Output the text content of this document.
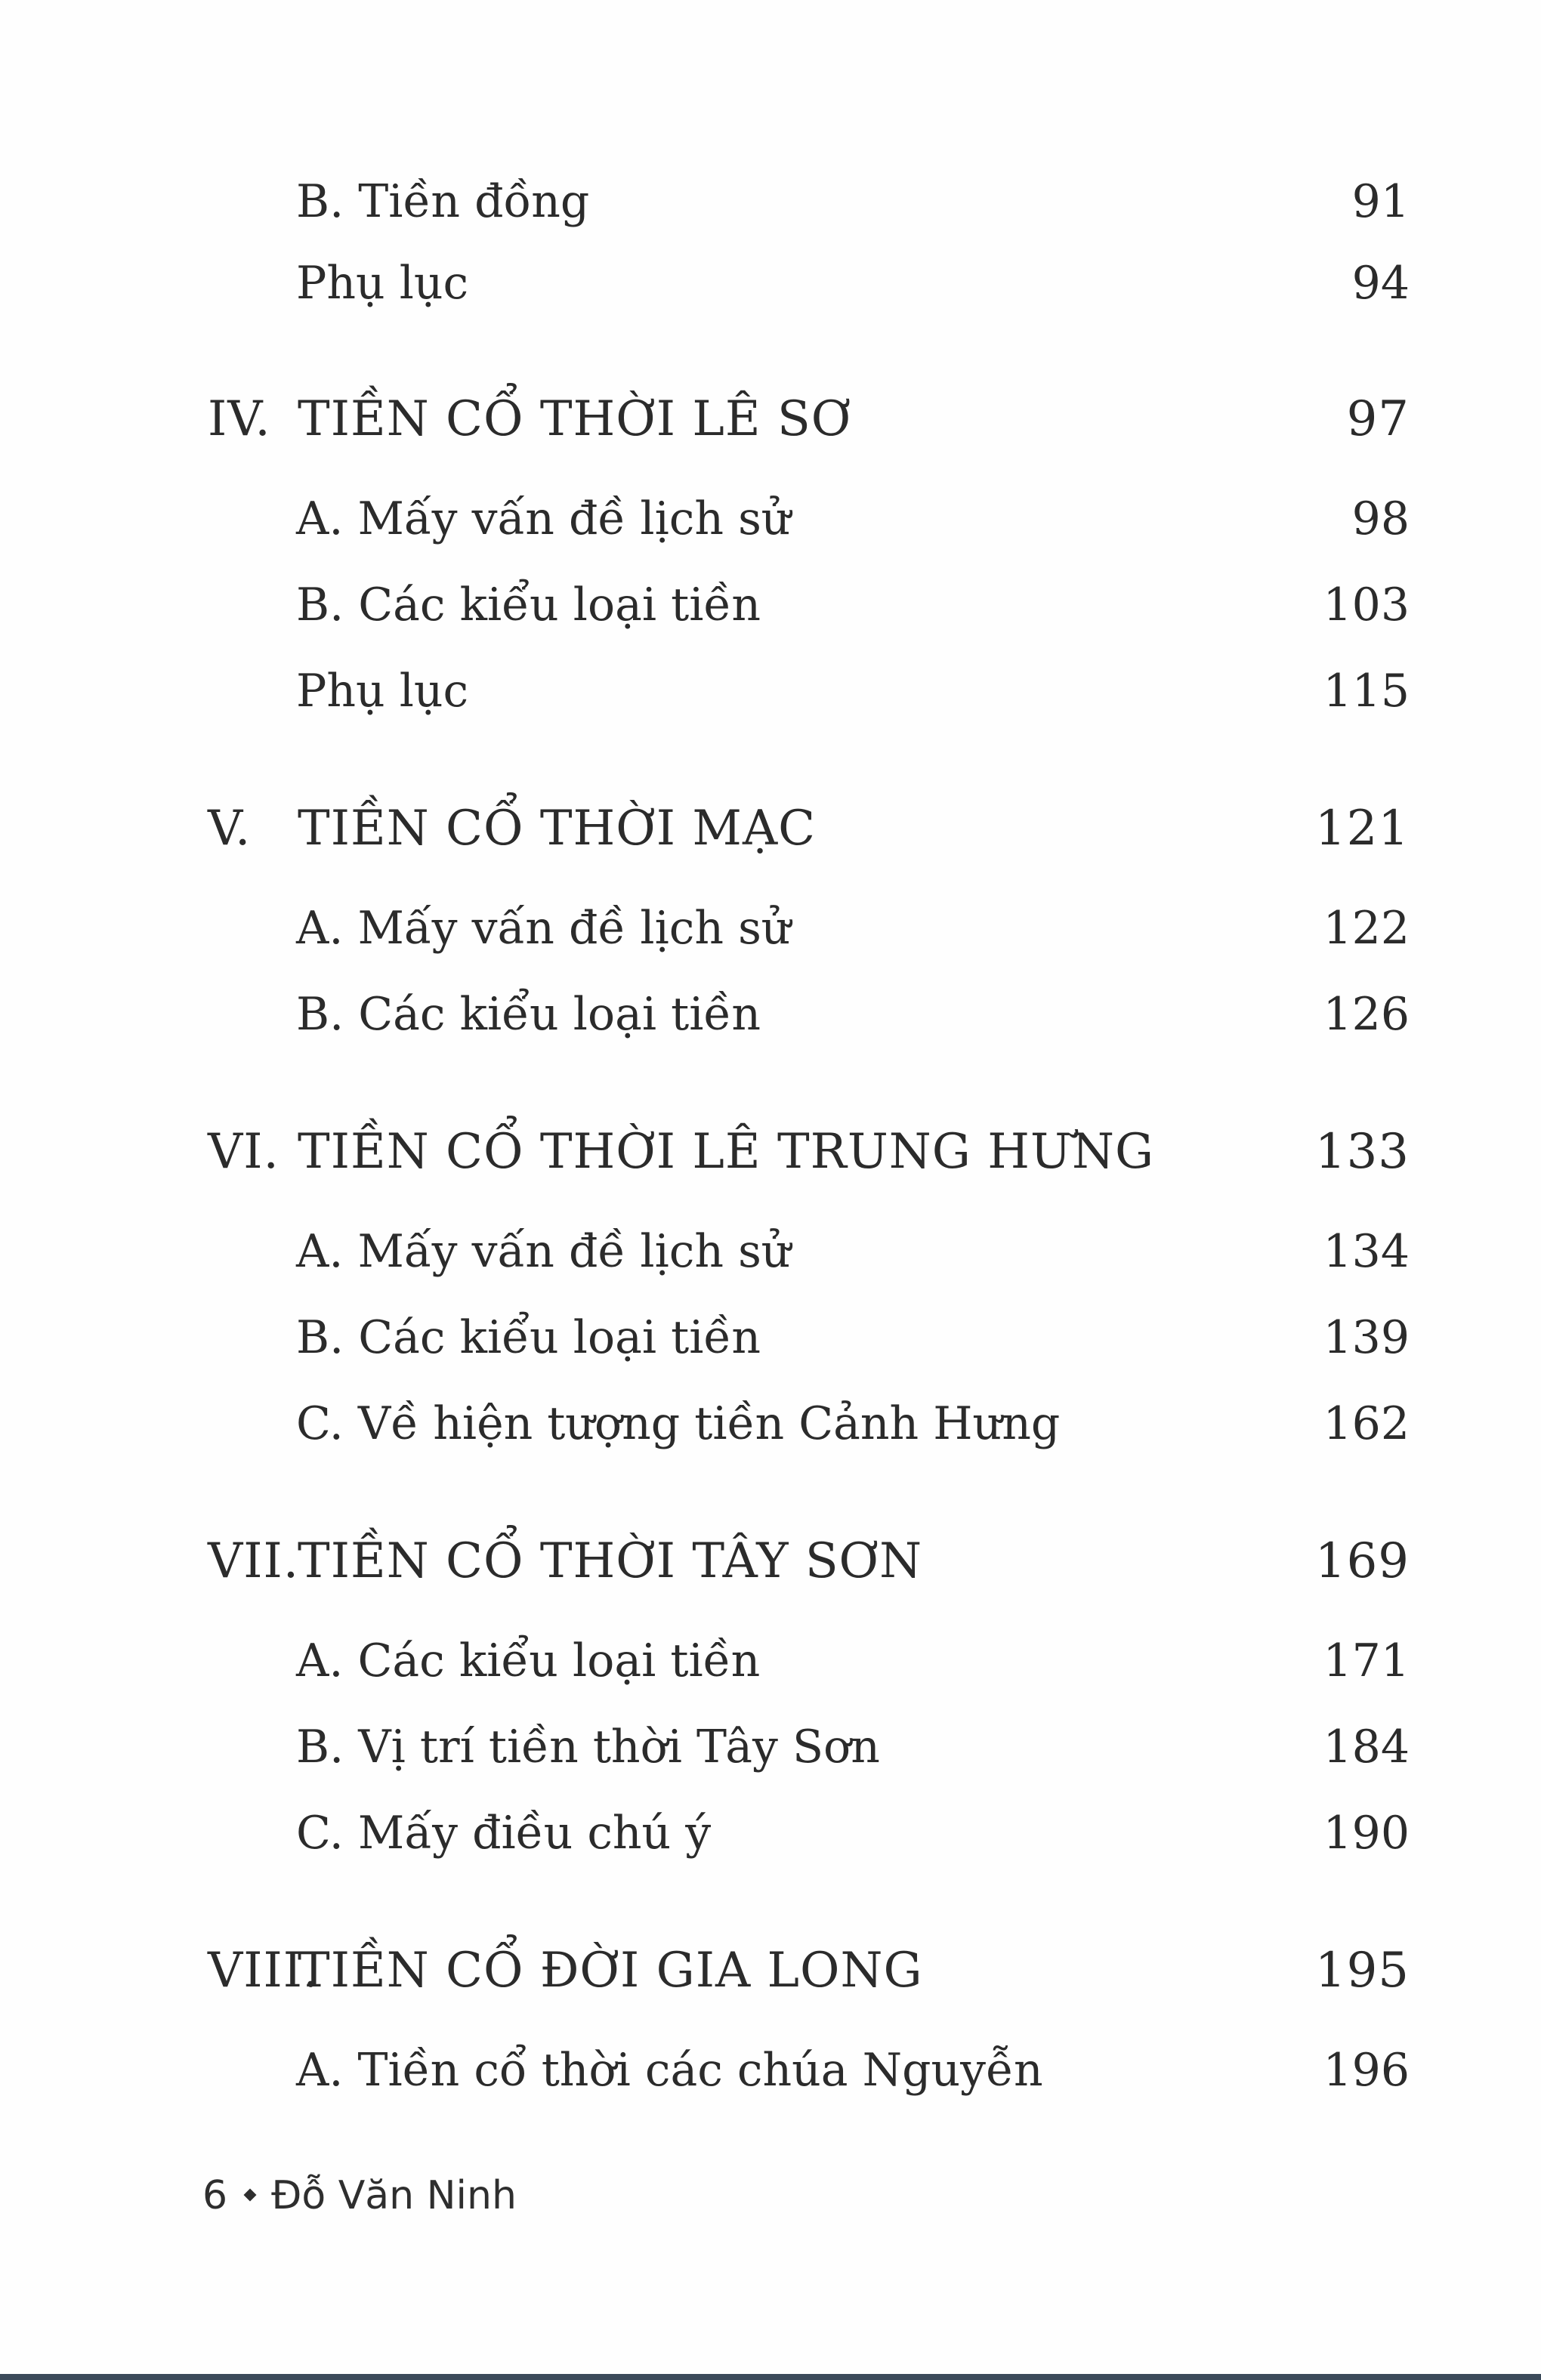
B. Tiền đồng	91
Phụ lục	94
IV. TIỀN CỔ THỜI LÊ SƠ	97
A. Mấy vấn đề lịch sử	98
B. Các kiểu loại tiền	103
Phụ lục	115
V. TIỀN CỔ THỜI MẠC	121
A. Mấy vấn đề lịch sử	122
B. Các kiểu loại tiền	126
VI. TIỀN CỔ THỜI LÊ TRUNG HƯNG	133
A. Mấy vấn đề lịch sử	134
B. Các kiểu loại tiền	139
C. Về hiện tượng tiền Cảnh Hưng	162
VII.
TIỀN CỔ THỜI TÂY SƠN	169
A. Các kiểu loại tiền	171
B. Vị trí tiền thời Tây Sơn	184
C. Mấy điều chú ý	190
VIII.
TIỀN CỔ ĐỜI GIA LONG	195
A. Tiền cổ thời các chúa Nguyễn	196
6 Đỗ Văn Ninh
